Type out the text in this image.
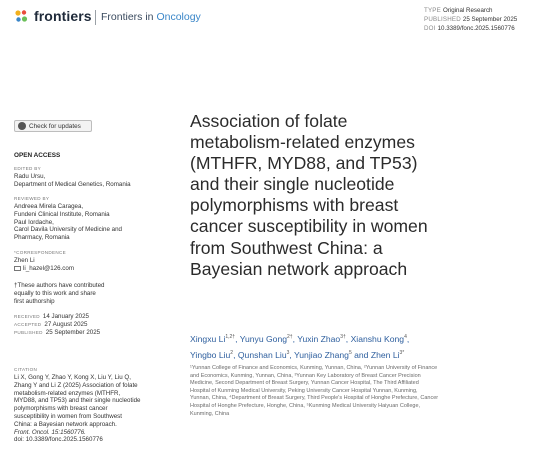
frontiers Frontiers in Oncology
TYPE Original Research
PUBLISHED 25 September 2025
DOI 10.3389/fonc.2025.1560776
Check for updates
OPEN ACCESS
EDITED BY
Radu Ursu,
Department of Medical Genetics, Romania
REVIEWED BY
Andreea Mirela Caragea,
Fundeni Clinical Institute, Romania
Paul Iordache,
Carol Davila University of Medicine and
Pharmacy, Romania
*CORRESPONDENCE
Zhen Li
li_hazel@126.com
†These authors have contributed
equally to this work and share
first authorship
RECEIVED 14 January 2025
ACCEPTED 27 August 2025
PUBLISHED 25 September 2025
CITATION
Li X, Gong Y, Zhao Y, Kong X, Liu Y, Liu Q,
Zhang Y and Li Z (2025) Association of folate
metabolism-related enzymes (MTHFR,
MYD88, and TP53) and their single nucleotide
polymorphisms with breast cancer
susceptibility in women from Southwest
China: a Bayesian network approach.
Front. Oncol. 15:1560776.
doi: 10.3389/fonc.2025.1560776
Association of folate
metabolism-related enzymes
(MTHFR, MYD88, and TP53)
and their single nucleotide
polymorphisms with breast
cancer susceptibility in women
from Southwest China: a
Bayesian network approach
Xingxu $Li^{1,2\dagger}$, Yunyu Gong$^{2\dagger}$, Yuxin Zhao$^{3\dagger}$, Xianshu Kong$^4$,
Yingbo Liu$^2$, Qunshan Liu$^3$, Yunjiao Zhang$^5$ and Zhen $Li^{3*}$
¹Yunnan College of Finance and Economics, Kunming, Yunnan, China, ²Yunnan University of Finance
and Economics, Kunming, Yunnan, China, ³Yunnan Key Laboratory of Breast Cancer Precision
Medicine, Second Department of Breast Surgery, Yunnan Cancer Hospital, The Third Affiliated
Hospital of Kunming Medical University, Peking University Cancer Hospital Yunnan, Kunming,
Yunnan, China, ⁴Department of Breast Surgery, Third People's Hospital of Honghe Prefecture, Cancer
Hospital of Honghe Prefecture, Honghe, China, ⁵Kunming Medical University Haiyuan College,
Kunming, China
